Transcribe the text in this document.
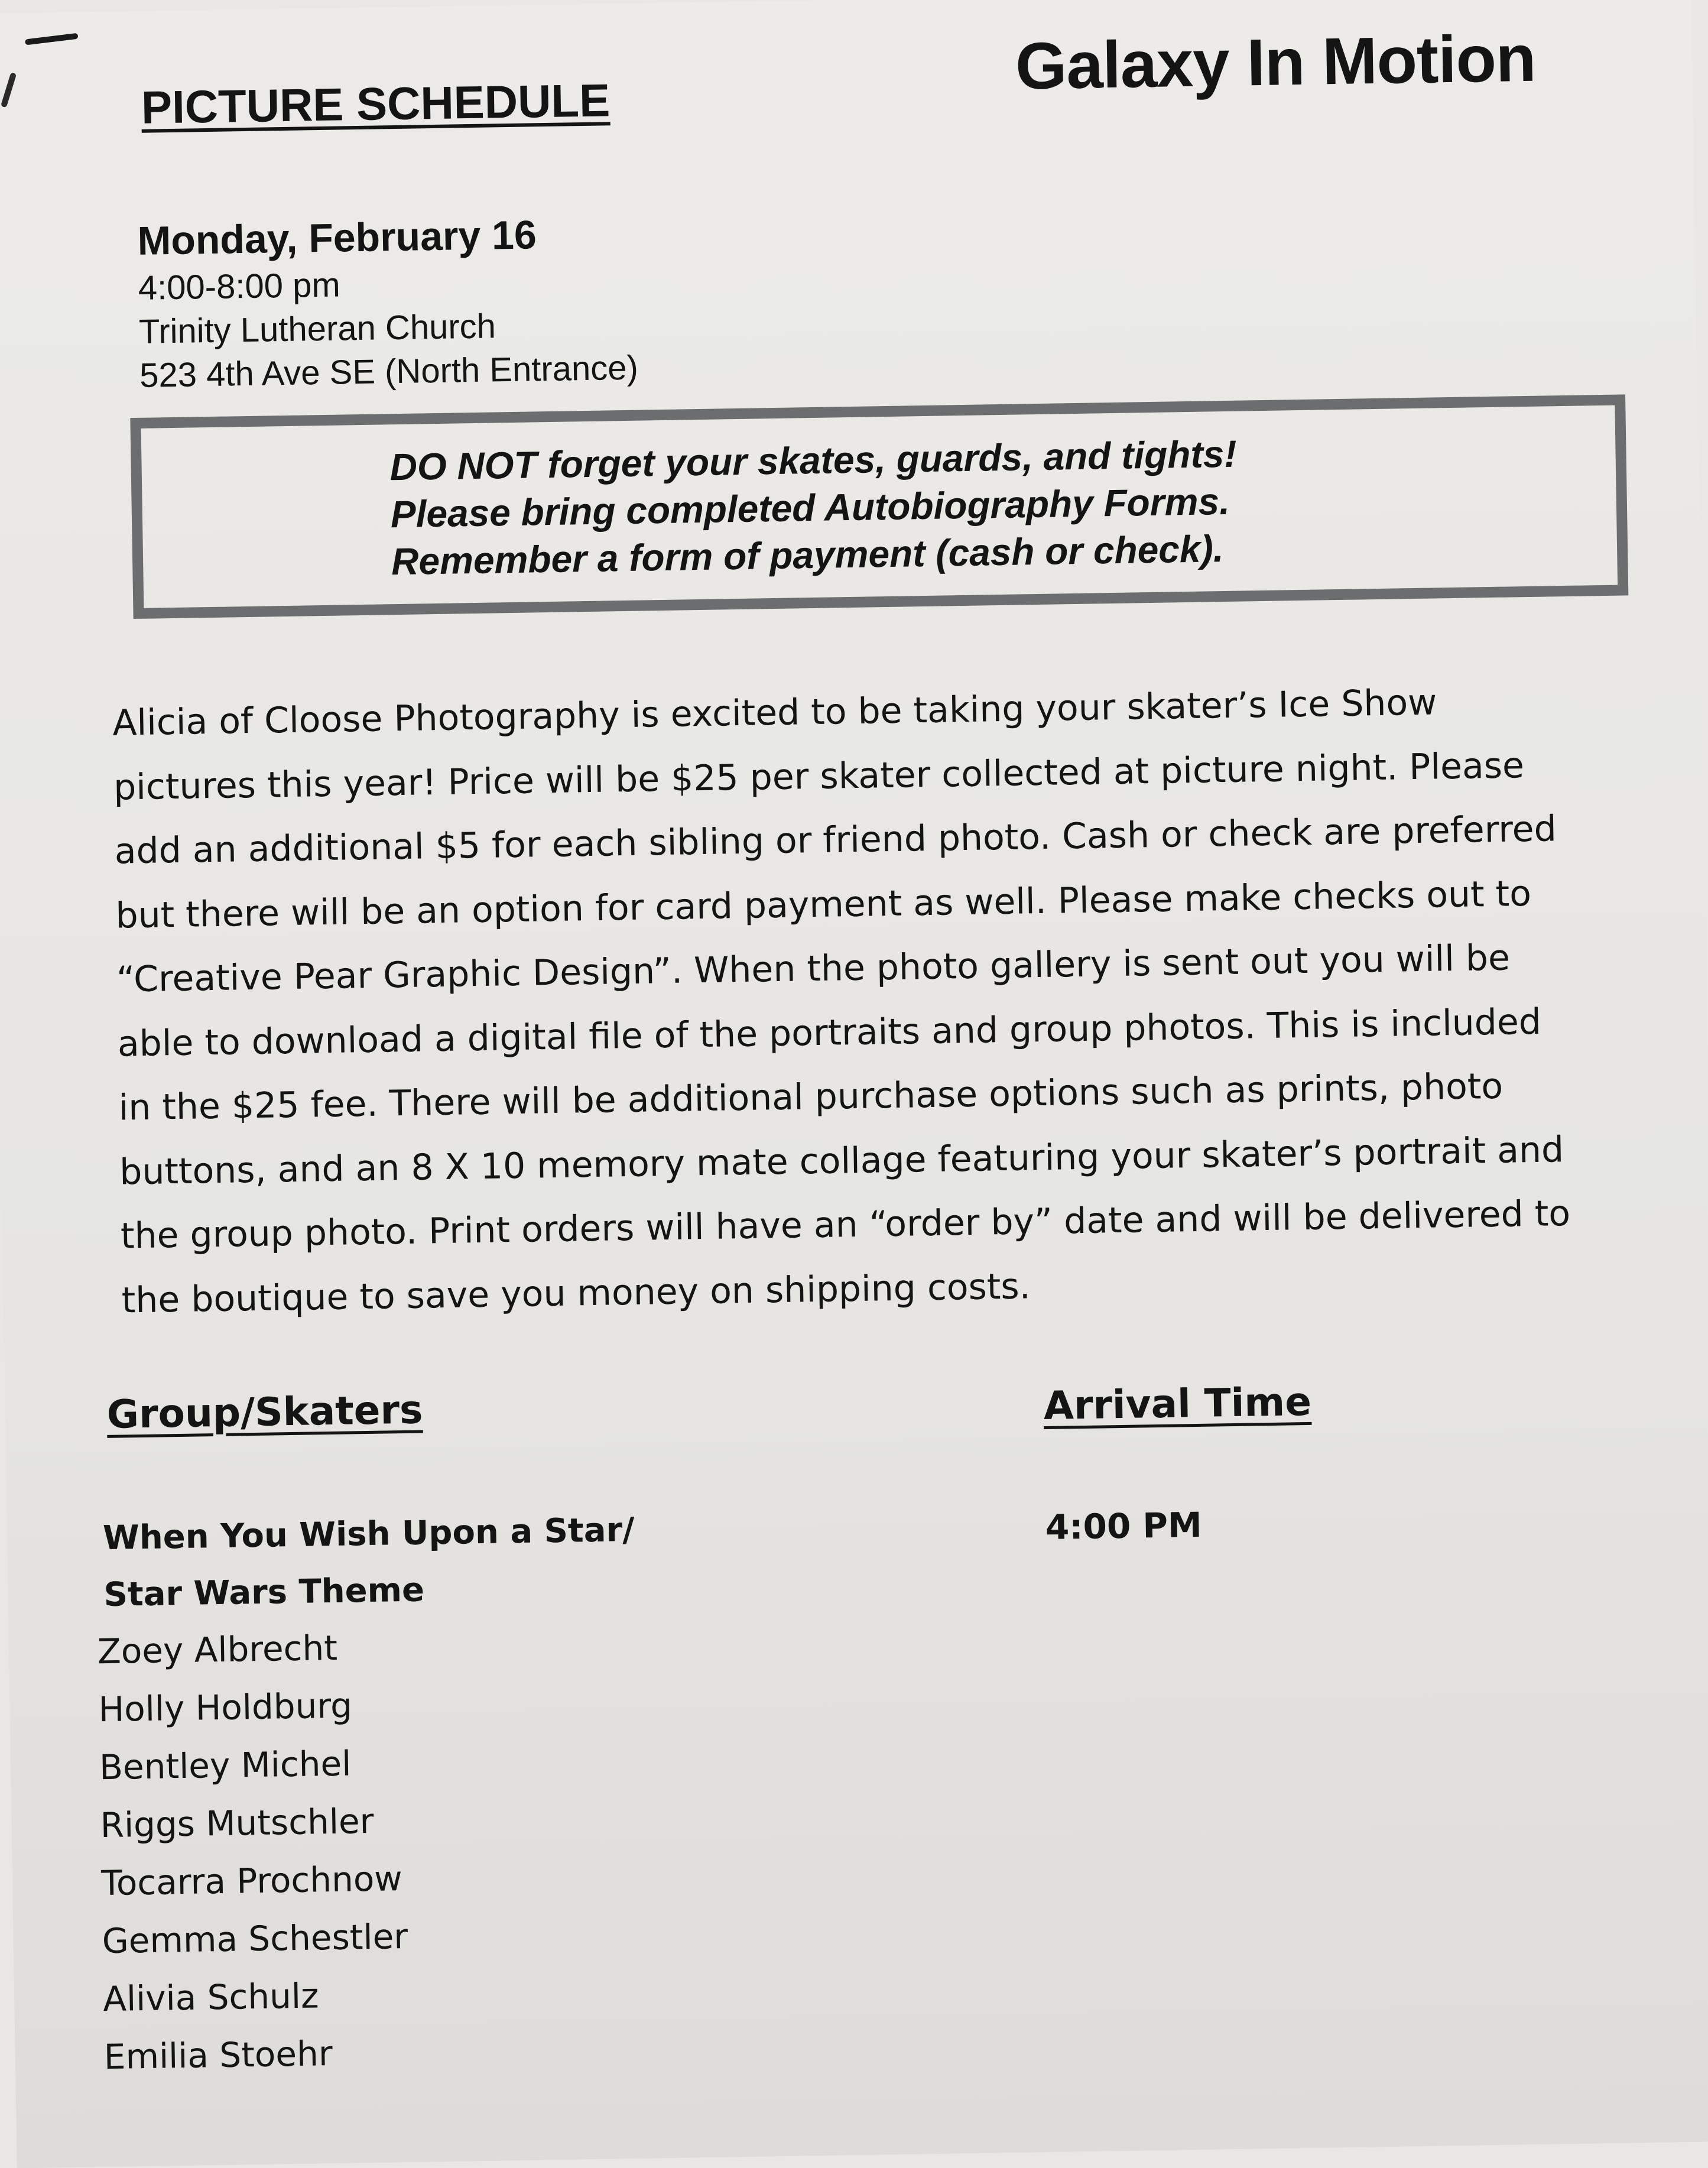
PICTURE SCHEDULE
Galaxy In Motion
Monday, February 16
4:00-8:00 pm
Trinity Lutheran Church
523 4th Ave SE (North Entrance)
DO NOT forget your skates, guards, and tights!
Please bring completed Autobiography Forms.
Remember a form of payment (cash or check).
Alicia of Cloose Photography is excited to be taking your skater’s Ice Show
pictures this year! Price will be $25 per skater collected at picture night. Please
add an additional $5 for each sibling or friend photo. Cash or check are preferred
but there will be an option for card payment as well. Please make checks out to
“Creative Pear Graphic Design”. When the photo gallery is sent out you will be
able to download a digital file of the portraits and group photos. This is included
in the $25 fee. There will be additional purchase options such as prints, photo
buttons, and an 8 X 10 memory mate collage featuring your skater’s portrait and
the group photo. Print orders will have an “order by” date and will be delivered to
the boutique to save you money on shipping costs.
Group/Skaters	Arrival Time
When You Wish Upon a Star/
Star Wars Theme
4:00 PM
Zoey Albrecht
Holly Holdburg
Bentley Michel
Riggs Mutschler
Tocarra Prochnow
Gemma Schestler
Alivia Schulz
Emilia Stoehr
